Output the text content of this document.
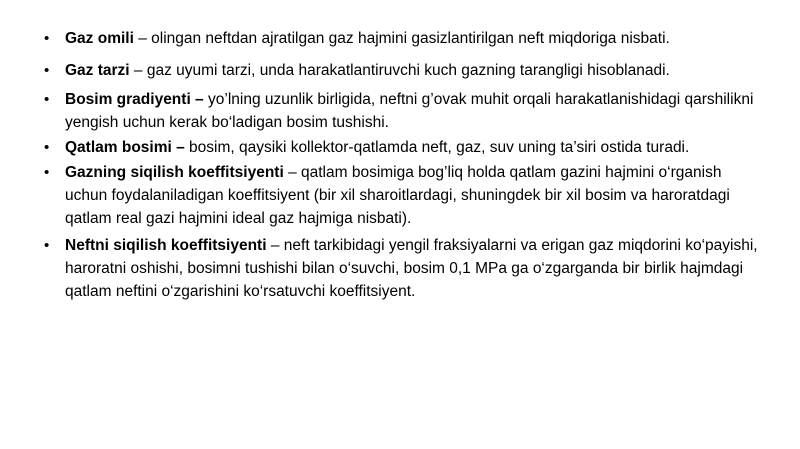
• Gaz omili – olingan neftdan ajratilgan gaz hajmini gasizlantirilgan neft miqdoriga nisbati.
• Gaz tarzi – gaz uyumi tarzi, unda harakatlantiruvchi kuch gazning tarangligi hisoblanadi.
• Bosim gradiyenti – yo’lning uzunlik birligida, neftni g’ovak muhit orqali harakatlanishidagi qarshilikni yengish uchun kerak bo‘ladigan bosim tushishi.
• Qatlam bosimi – bosim, qaysiki kollektor-qatlamda neft, gaz, suv uning ta’siri ostida turadi.
• Gazning siqilish koeffitsiyenti – qatlam bosimiga bog’liq holda qatlam gazini hajmini o‘rganish uchun foydalaniladigan koeffitsiyent (bir xil sharoitlardagi, shuningdek bir xil bosim va haroratdagi qatlam real gazi hajmini ideal gaz hajmiga nisbati).
• Neftni siqilish koeffitsiyenti – neft tarkibidagi yengil fraksiyalarni va erigan gaz miqdorini ko‘payishi, haroratni oshishi, bosimni tushishi bilan o‘suvchi, bosim 0,1 MPa ga o‘zgarganda bir birlik hajmdagi qatlam neftini o‘zgarishini ko‘rsatuvchi koeffitsiyent.
